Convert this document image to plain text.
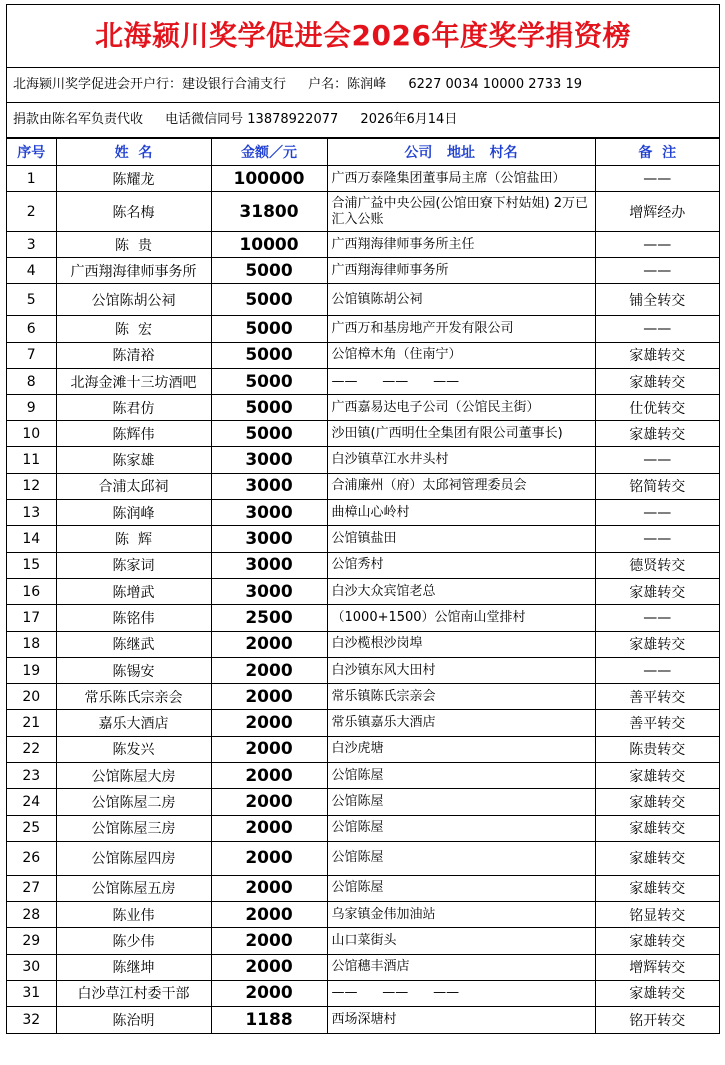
北海颍川奖学促进会2026年度奖学捐资榜
北海颍川奖学促进会开户行：建设银行合浦支行 户名：陈润峰 6227 0034 10000 2733 19
捐款由陈名军负责代收 电话微信同号 13878922077 2026年6月14日
序号	姓  名	金额／元	公司   地址   村名	备  注
1	陈耀龙	100000	广西万泰隆集团董事局主席（公馆盐田）	——
2	陈名梅	31800	合浦广益中央公园(公馆田寮下村姑姐) 2万已汇入公账	增辉经办
3	陈  贵	10000	广西翔海律师事务所主任	——
4	广西翔海律师事务所	5000	广西翔海律师事务所	——
5	公馆陈胡公祠	5000	公馆镇陈胡公祠	铺全转交
6	陈  宏	5000	广西万和基房地产开发有限公司	——
7	陈清裕	5000	公馆樟木角（住南宁）	家雄转交
8	北海金滩十三坊酒吧	5000	——      ——      ——	家雄转交
9	陈君仿	5000	广西嘉易达电子公司（公馆民主街）	仕优转交
10	陈辉伟	5000	沙田镇(广西明仕全集团有限公司董事长)	家雄转交
11	陈家雄	3000	白沙镇草江水井头村	——
12	合浦太邱祠	3000	合浦廉州（府）太邱祠管理委员会	铭简转交
13	陈润峰	3000	曲樟山心岭村	——
14	陈  辉	3000	公馆镇盐田	——
15	陈家词	3000	公馆秀村	德贤转交
16	陈增武	3000	白沙大众宾馆老总	家雄转交
17	陈铭伟	2500	（1000+1500）公馆南山堂排村	——
18	陈继武	2000	白沙榄根沙岗埠	家雄转交
19	陈锡安	2000	白沙镇东风大田村	——
20	常乐陈氏宗亲会	2000	常乐镇陈氏宗亲会	善平转交
21	嘉乐大酒店	2000	常乐镇嘉乐大酒店	善平转交
22	陈发兴	2000	白沙虎塘	陈贵转交
23	公馆陈屋大房	2000	公馆陈屋	家雄转交
24	公馆陈屋二房	2000	公馆陈屋	家雄转交
25	公馆陈屋三房	2000	公馆陈屋	家雄转交
26	公馆陈屋四房	2000	公馆陈屋	家雄转交
27	公馆陈屋五房	2000	公馆陈屋	家雄转交
28	陈业伟	2000	乌家镇金伟加油站	铭显转交
29	陈少伟	2000	山口菜街头	家雄转交
30	陈继坤	2000	公馆穗丰酒店	增辉转交
31	白沙草江村委干部	2000	——      ——      ——	家雄转交
32	陈治明	1188	西场深塘村	铭开转交
